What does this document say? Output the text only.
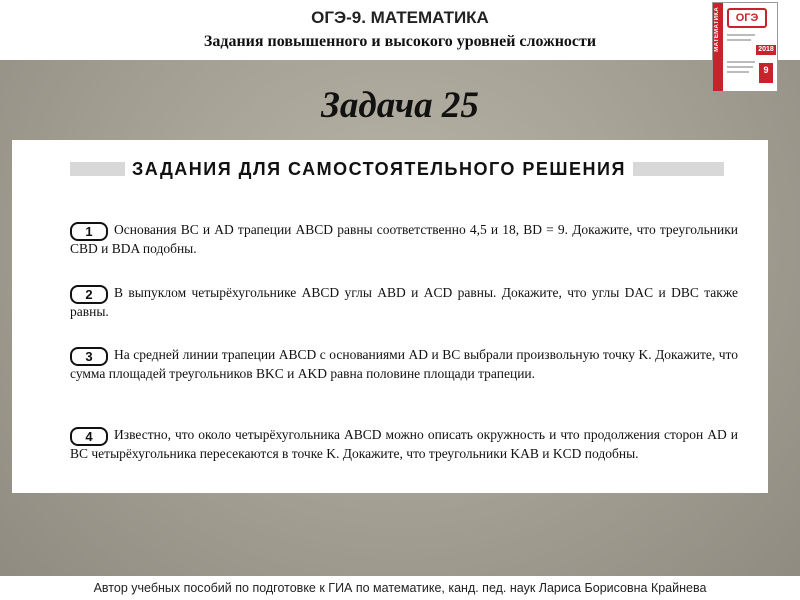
ОГЭ-9. МАТЕМАТИКА
Задания повышенного и высокого уровней сложности	МАТЕМАТИКА	ОГЭ
2018
9
Задача 25
ЗАДАНИЯ ДЛЯ САМОСТОЯТЕЛЬНОГО РЕШЕНИЯ

Основания BC и AD трапеции ABCD равны соответственно 4,5 и 18, BD = 9. Докажите, что треугольники CBD и BDA подобны.

1

В выпуклом четырёхугольнике ABCD углы ABD и ACD равны. Докажите, что углы DAC и DBC также равны.

2

На средней линии трапеции ABCD с основаниями AD и BC выбрали произвольную точку K. Докажите, что сумма площадей треугольников BKC и AKD равна половине площади трапеции.

3

Известно, что около четырёхугольника ABCD можно описать окружность и что продолжения сторон AD и BC четырёхугольника пересекаются в точке K. Докажите, что треугольники KAB и KCD подобны.

4
Автор учебных пособий по подготовке к ГИА по математике, канд. пед. наук Лариса Борисовна Крайнева
